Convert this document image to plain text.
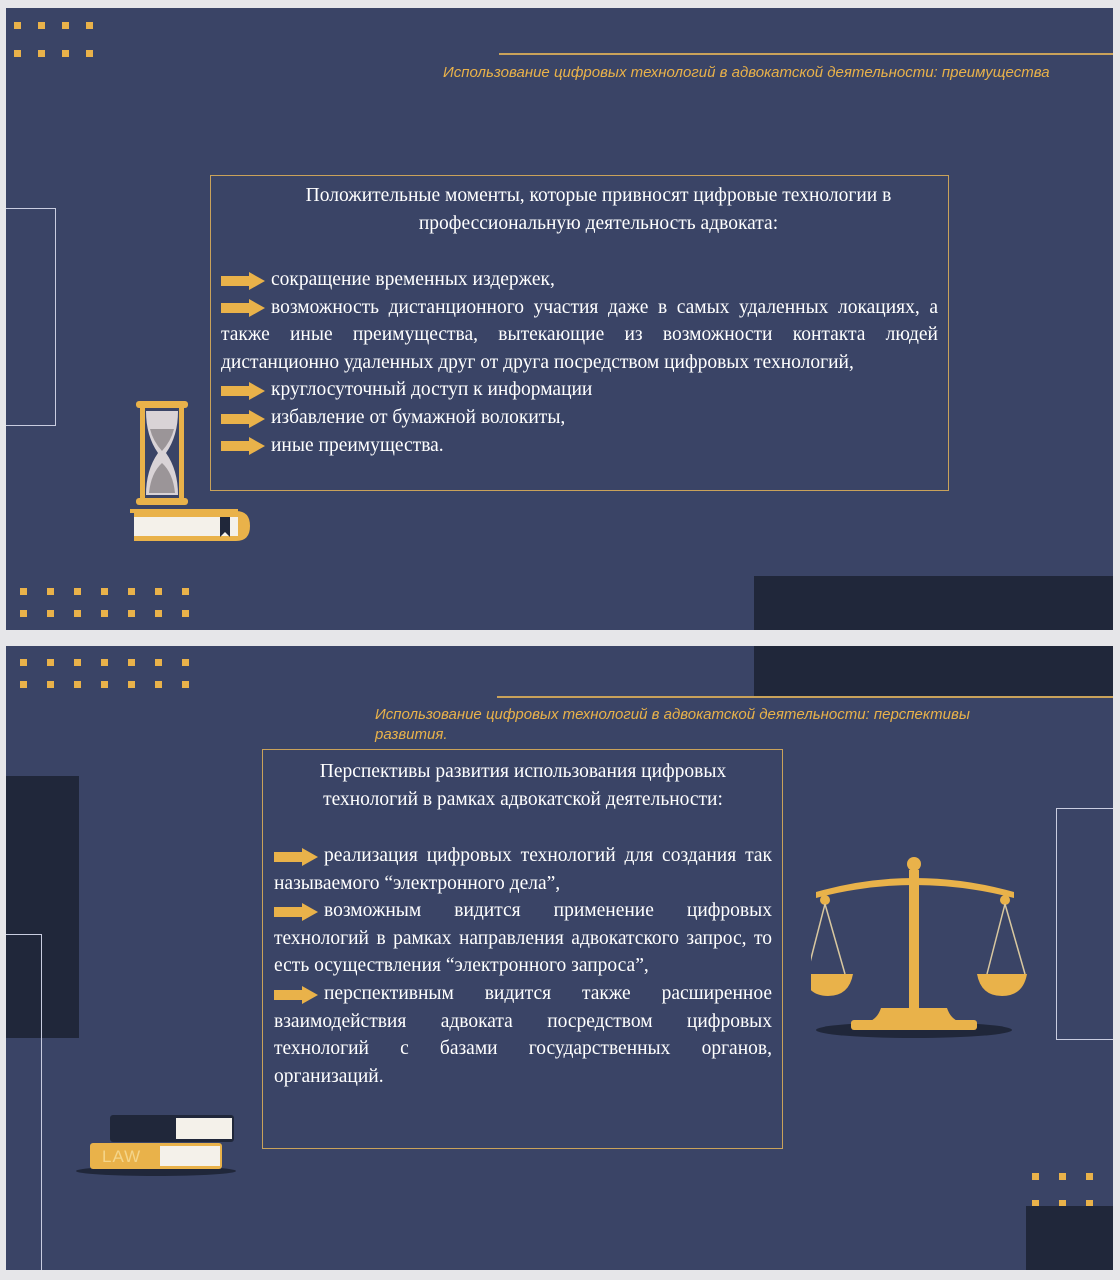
Использование цифровых технологий в адвокатской деятельности: преимущества

Положительные моменты, которые привносят цифровые технологии в профессиональную деятельность адвоката:

сокращение временных издержек,

возможность дистанционного участия даже в самых удаленных локациях, а также иные преимущества, вытекающие из возможности контакта людей дистанционно удаленных друг от друга посредством цифровых технологий,

круглосуточный доступ к информации

избавление от бумажной волокиты,

иные преимущества.

Использование цифровых технологий в адвокатской деятельности: перспективы
развития.

Перспективы развития использования цифровых технологий в рамках адвокатской деятельности:

реализация цифровых технологий для создания так называемого “электронного дела”,

возможным видится применение цифровых технологий в рамках направления адвокатского запрос, то есть осуществления “электронного запроса”,

перспективным видится также расширенное взаимодействия адвоката посредством цифровых технологий с базами государственных органов, организаций.

LAW
